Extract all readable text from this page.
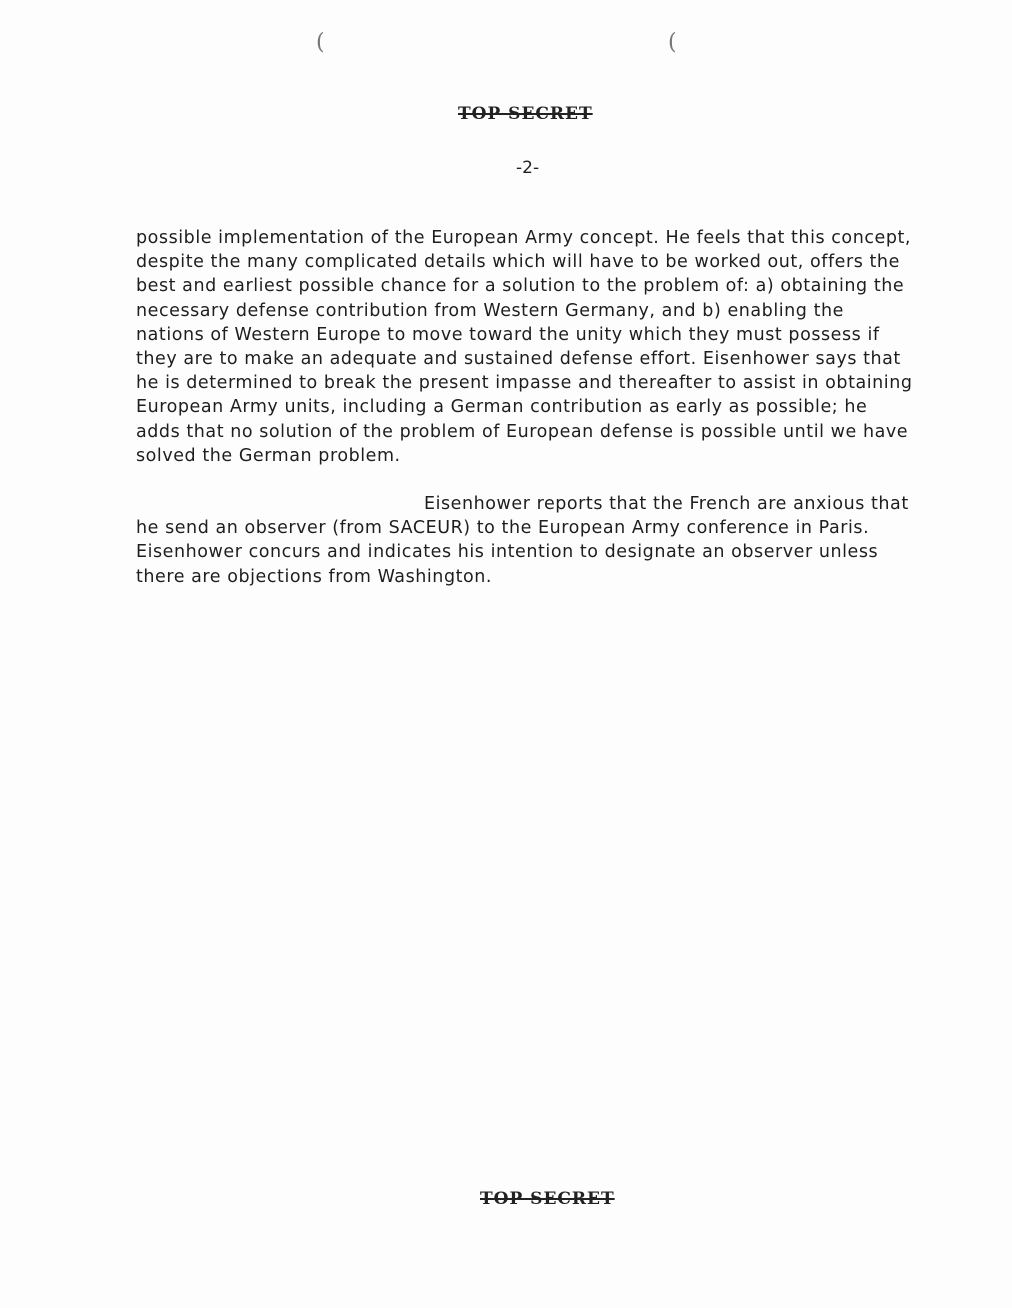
(	(
TOP SECRET
-2-

possible implementation of the European Army concept. He feels that this concept, despite the many complicated details which will have to be worked out, offers the best and earliest possible chance for a solution to the problem of: a) obtaining the necessary defense contribution from Western Germany, and b) enabling the nations of Western Europe to move toward the unity which they must possess if they are to make an adequate and sustained defense effort. Eisenhower says that he is determined to break the present impasse and thereafter to assist in obtaining European Army units, including a German contribution as early as possible; he adds that no solution of the problem of European defense is possible until we have solved the German problem.

Eisenhower reports that the French are anxious that he send an observer (from SACEUR) to the European Army conference in Paris. Eisenhower concurs and indicates his intention to designate an observer unless there are objections from Washington.

TOP SECRET
